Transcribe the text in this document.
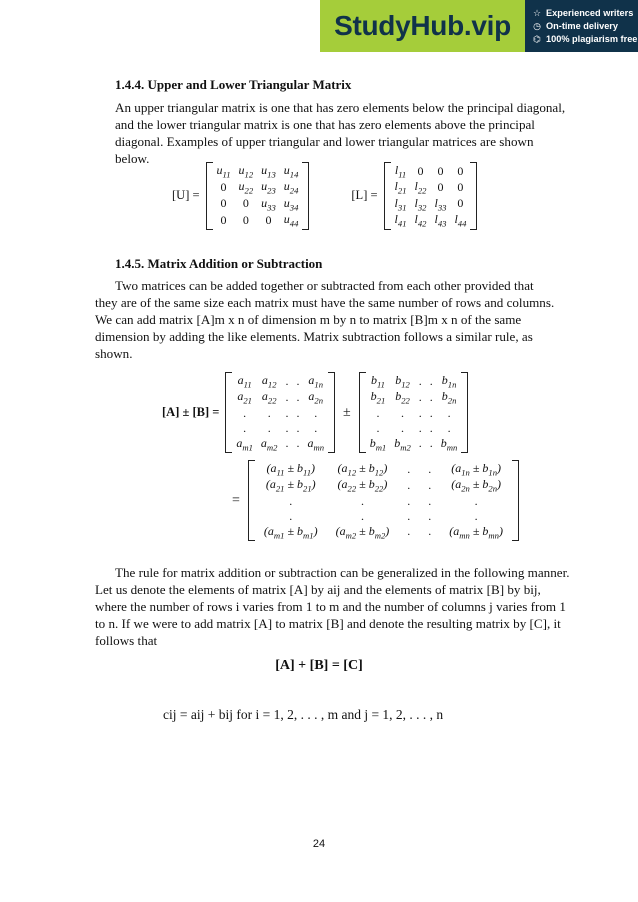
StudyHub.vip	☆ Experienced writers
◷ On-time delivery
⌬ 100% plagiarism free
1.4.4. Upper and Lower Triangular Matrix

An upper triangular matrix is one that has zero elements below the principal diagonal, and the lower triangular matrix is one that has zero elements above the principal diagonal. Examples of upper triangular and lower triangular matrices are shown below.

[U] =
$u_{11}$	$u_{12}$	$u_{13}$	$u_{14}$
0	$u_{22}$	$u_{23}$	$u_{24}$
0	0	$u_{33}$	$u_{34}$
0	0	0	$u_{44}$
[L] =
$l_{11}$	0	0	0
$l_{21}$	$l_{22}$	0	0
$l_{31}$	$l_{32}$	$l_{33}$	0
$l_{41}$	$l_{42}$	$l_{43}$	$l_{44}$
1.4.5. Matrix Addition or Subtraction

Two matrices can be added together or subtracted from each other provided that

they are of the same size each matrix must have the same number of rows and columns.

We can add matrix [A]m x n of dimension m by n to matrix [B]m x n of the same

dimension by adding the like elements. Matrix subtraction follows a similar rule, as

shown.

[A] ± [B] =
$a_{11}$	$a_{12}$	.	.	$a_{1n}$
$a_{21}$	$a_{22}$	.	.	$a_{2n}$
.	.	.	.	.
.	.	.	.	.
$a_{m1}$	$a_{m2}$	.	.	$a_{mn}$
±
$b_{11}$	$b_{12}$	.	.	$b_{1n}$
$b_{21}$	$b_{22}$	.	.	$b_{2n}$
.	.	.	.	.
.	.	.	.	.
$b_{m1}$	$b_{m2}$	.	.	$b_{mn}$
=
$(a_{11} \pm b_{11})$	$(a_{12} \pm b_{12})$	.	.	$(a_{1n} \pm b_{1n})$
$(a_{21} \pm b_{21})$	$(a_{22} \pm b_{22})$	.	.	$(a_{2n} \pm b_{2n})$
.	.	.	.	.
.	.	.	.	.
$(a_{m1} \pm b_{m1})$	$(a_{m2} \pm b_{m2})$	.	.	$(a_{mn} \pm b_{mn})$

The rule for matrix addition or subtraction can be generalized in the following manner.

Let us denote the elements of matrix [A] by aij and the elements of matrix [B] by bij,

where the number of rows i varies from 1 to m and the number of columns j varies from 1

to n. If we were to add matrix [A] to matrix [B] and denote the resulting matrix by [C], it

follows that

[A] + [B] = [C]
cij = aij + bij for i = 1, 2, . . . , m and j = 1, 2, . . . , n
24
